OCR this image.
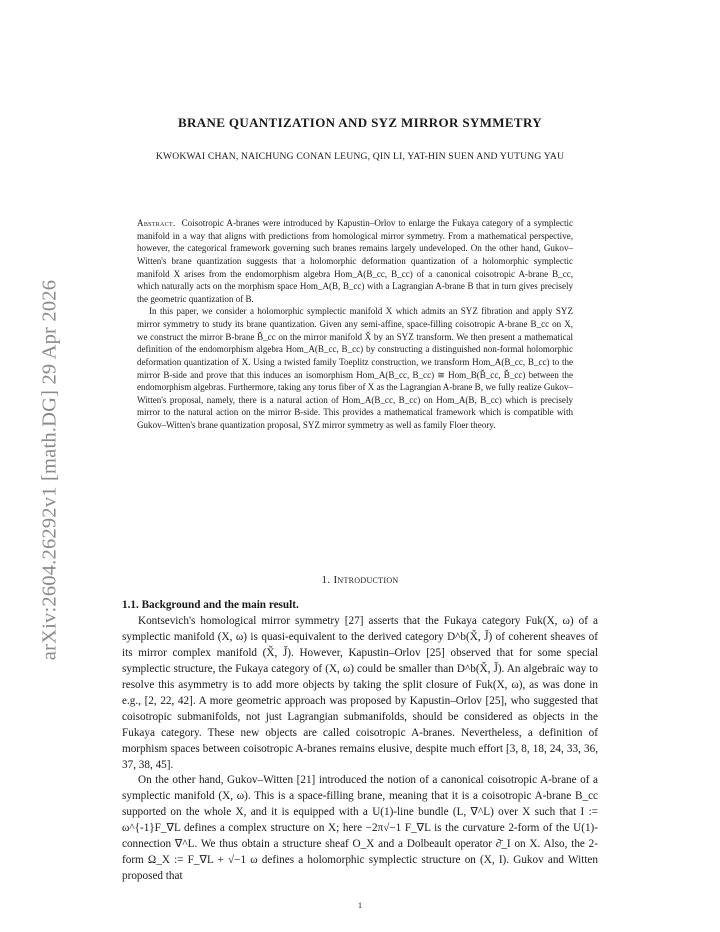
arXiv:2604.26292v1 [math.DG] 29 Apr 2026
BRANE QUANTIZATION AND SYZ MIRROR SYMMETRY
KWOKWAI CHAN, NAICHUNG CONAN LEUNG, QIN LI, YAT-HIN SUEN AND YUTUNG YAU

Abstract. Coisotropic A-branes were introduced by Kapustin–Orlov to enlarge the Fukaya category of a symplectic manifold in a way that aligns with predictions from homological mirror symmetry. From a mathematical perspective, however, the categorical framework governing such branes remains largely undeveloped. On the other hand, Gukov–Witten's brane quantization suggests that a holomorphic deformation quantization of a holomorphic symplectic manifold X arises from the endomorphism algebra Hom_A(B_cc, B_cc) of a canonical coisotropic A-brane B_cc, which naturally acts on the morphism space Hom_A(B, B_cc) with a Lagrangian A-brane B that in turn gives precisely the geometric quantization of B.

In this paper, we consider a holomorphic symplectic manifold X which admits an SYZ fibration and apply SYZ mirror symmetry to study its brane quantization. Given any semi-affine, space-filling coisotropic A-brane B_cc on X, we construct the mirror B-brane B̌_cc on the mirror manifold X̌ by an SYZ transform. We then present a mathematical definition of the endomorphism algebra Hom_A(B_cc, B_cc) by constructing a distinguished non-formal holomorphic deformation quantization of X. Using a twisted family Toeplitz construction, we transform Hom_A(B_cc, B_cc) to the mirror B-side and prove that this induces an isomorphism Hom_A(B_cc, B_cc) ≅ Hom_B(B̌_cc, B̌_cc) between the endomorphism algebras. Furthermore, taking any torus fiber of X as the Lagrangian A-brane B, we fully realize Gukov–Witten's proposal, namely, there is a natural action of Hom_A(B_cc, B_cc) on Hom_A(B, B_cc) which is precisely mirror to the natural action on the mirror B-side. This provides a mathematical framework which is compatible with Gukov–Witten's brane quantization proposal, SYZ mirror symmetry as well as family Floer theory.

1. Introduction

1.1. Background and the main result.

Kontsevich's homological mirror symmetry [27] asserts that the Fukaya category Fuk(X, ω) of a symplectic manifold (X, ω) is quasi-equivalent to the derived category D^b(X̌, J̌) of coherent sheaves of its mirror complex manifold (X̌, J̌). However, Kapustin–Orlov [25] observed that for some special symplectic structure, the Fukaya category of (X, ω) could be smaller than D^b(X̌, J̌). An algebraic way to resolve this asymmetry is to add more objects by taking the split closure of Fuk(X, ω), as was done in e.g., [2, 22, 42]. A more geometric approach was proposed by Kapustin–Orlov [25], who suggested that coisotropic submanifolds, not just Lagrangian submanifolds, should be considered as objects in the Fukaya category. These new objects are called coisotropic A-branes. Nevertheless, a definition of morphism spaces between coisotropic A-branes remains elusive, despite much effort [3, 8, 18, 24, 33, 36, 37, 38, 45].

On the other hand, Gukov–Witten [21] introduced the notion of a canonical coisotropic A-brane of a symplectic manifold (X, ω). This is a space-filling brane, meaning that it is a coisotropic A-brane B_cc supported on the whole X, and it is equipped with a U(1)-line bundle (L, ∇^L) over X such that I := ω^{-1}F_∇L defines a complex structure on X; here −2π√−1 F_∇L is the curvature 2-form of the U(1)-connection ∇^L. We thus obtain a structure sheaf O_X and a Dolbeault operator ∂̄_I on X. Also, the 2-form Ω_X := F_∇L + √−1 ω defines a holomorphic symplectic structure on (X, I). Gukov and Witten proposed that

1
